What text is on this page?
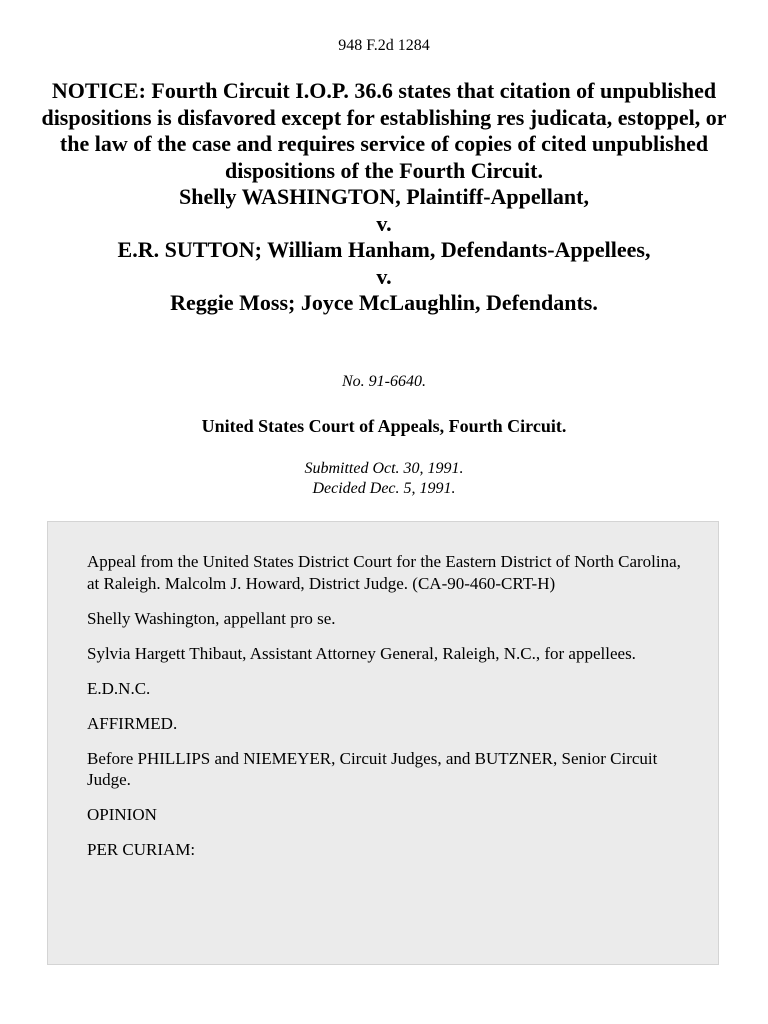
948 F.2d 1284
NOTICE: Fourth Circuit I.O.P. 36.6 states that citation of unpublished dispositions is disfavored except for establishing res judicata, estoppel, or the law of the case and requires service of copies of cited unpublished dispositions of the Fourth Circuit.
Shelly WASHINGTON, Plaintiff-Appellant,
v.
E.R. SUTTON; William Hanham, Defendants-Appellees,
v.
Reggie Moss; Joyce McLaughlin, Defendants.
No. 91-6640.
United States Court of Appeals, Fourth Circuit.
Submitted Oct. 30, 1991.
Decided Dec. 5, 1991.

Appeal from the United States District Court for the Eastern District of North Carolina, at Raleigh. Malcolm J. Howard, District Judge. (CA-90-460-CRT-H)

Shelly Washington, appellant pro se.

Sylvia Hargett Thibaut, Assistant Attorney General, Raleigh, N.C., for appellees.

E.D.N.C.

AFFIRMED.

Before PHILLIPS and NIEMEYER, Circuit Judges, and BUTZNER, Senior Circuit Judge.

OPINION

PER CURIAM:
